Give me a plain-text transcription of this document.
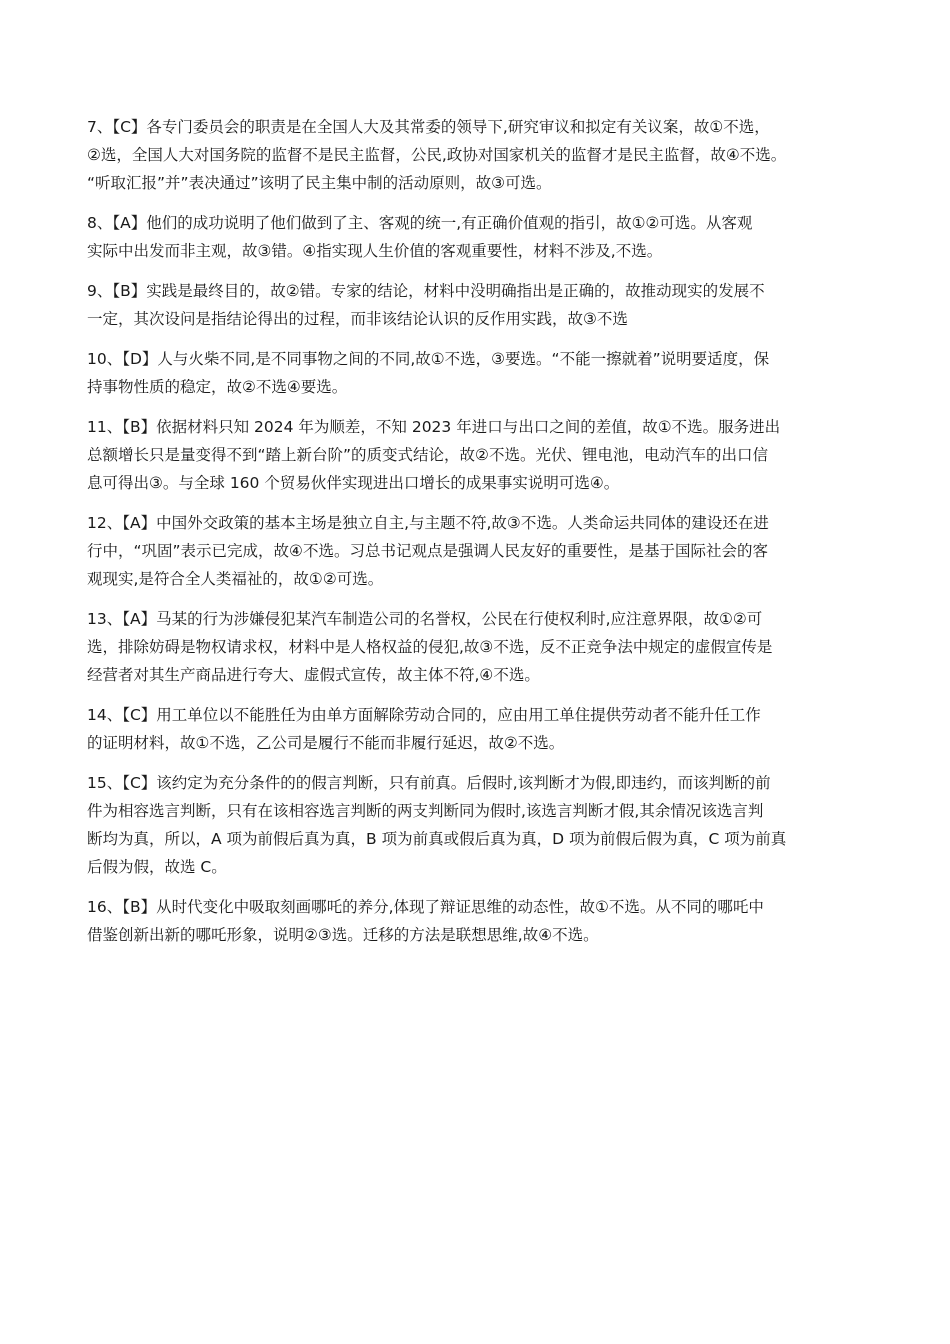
7、【C】各专门委员会的职责是在全国人大及其常委的领导下,研究审议和拟定有关议案，故①不选，
②选，全国人大对国务院的监督不是民主监督，公民,政协对国家机关的监督才是民主监督，故④不选。
“听取汇报”并”表决通过”该明了民主集中制的活动原则，故③可选。

8、【A】他们的成功说明了他们做到了主、客观的统一,有正确价值观的指引，故①②可选。从客观
实际中出发而非主观，故③错。④指实现人生价值的客观重要性，材料不涉及,不选。

9、【B】实践是最终目的，故②错。专家的结论，材料中没明确指出是正确的，故推动现实的发展不
一定，其次设问是指结论得出的过程，而非该结论认识的反作用实践，故③不选

10、【D】人与火柴不同,是不同事物之间的不同,故①不选，③要选。“不能一擦就着”说明要适度，保
持事物性质的稳定，故②不选④要选。

11、【B】依据材料只知 2024 年为顺差，不知 2023 年进口与出口之间的差值，故①不选。服务进出
总额增长只是量变得不到“踏上新台阶”的质变式结论，故②不选。光伏、锂电池，电动汽车的出口信
息可得出③。与全球 160 个贸易伙伴实现进出口增长的成果事实说明可选④。

12、【A】中国外交政策的基本主场是独立自主,与主题不符,故③不选。人类命运共同体的建设还在进
行中，“巩固”表示已完成，故④不选。习总书记观点是强调人民友好的重要性，是基于国际社会的客
观现实,是符合全人类福祉的，故①②可选。

13、【A】马某的行为涉嫌侵犯某汽车制造公司的名誉权，公民在行使权利时,应注意界限，故①②可
选，排除妨碍是物权请求权，材料中是人格权益的侵犯,故③不选，反不正竞争法中规定的虚假宣传是
经营者对其生产商品进行夸大、虚假式宣传，故主体不符,④不选。

14、【C】用工单位以不能胜任为由单方面解除劳动合同的，应由用工单住提供劳动者不能升任工作
的证明材料，故①不选，乙公司是履行不能而非履行延迟，故②不选。

15、【C】该约定为充分条件的的假言判断，只有前真。后假时,该判断才为假,即违约，而该判断的前
件为相容选言判断，只有在该相容选言判断的两支判断同为假时,该选言判断才假,其余情况该选言判
断均为真，所以，A 项为前假后真为真，B 项为前真或假后真为真，D 项为前假后假为真，C 项为前真
后假为假，故选 C。

16、【B】从时代变化中吸取刻画哪吒的养分,体现了辩证思维的动态性，故①不选。从不同的哪吒中
借鉴创新出新的哪吒形象，说明②③选。迁移的方法是联想思维,故④不选。
